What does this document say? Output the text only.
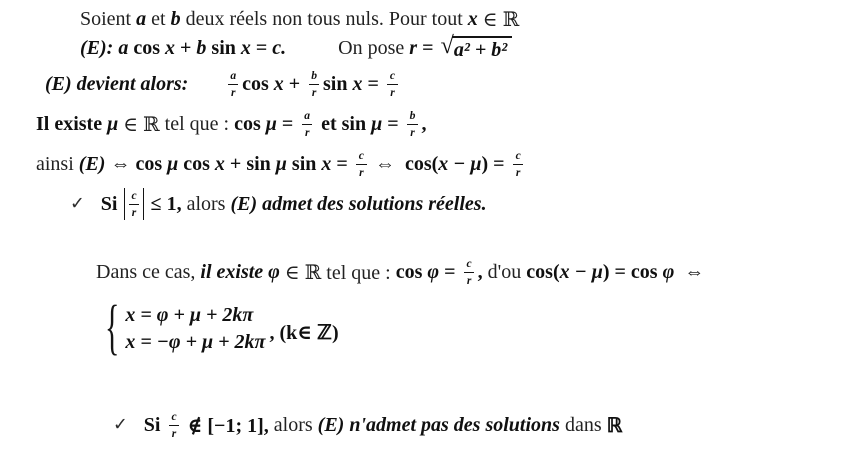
Soient a et b deux réels non tous nuls. Pour tout x ∈ ℝ
(E): a cos x + b sin x = c.	On pose r = √ a² + b²
(E) devient alors:	$\frac{a}{r}$ $\cos x + \frac{b}{r}$ $\sin x = \frac{c}{r}$
Il existe μ ∈ ℝ tel que : $\cos \mu = \frac{a}{r}$ et $\sin \mu = \frac{b}{r}$ ,
ainsi (E) ⇔ cos μ cos x + sin μ $\sin x = \frac{c}{r}$ ⇔ cos( x − μ ) = $\frac{c}{r}$
✓ Si $\frac{c}{r} \le 1$, alors (E) admet des solutions réelles.
Dans ce cas, il existe φ ∈ ℝ tel que : $\cos \varphi = \frac{c}{r}$ , d'ou cos( x − μ ) = cos φ ⇔
{ x = φ + μ + 2kπ
x = −φ + μ + 2kπ , (k∈ ℤ)
✓ Si $\frac{c}{r}$ ∉ [−1; 1], alors (E) n'admet pas des solutions dans ℝ
